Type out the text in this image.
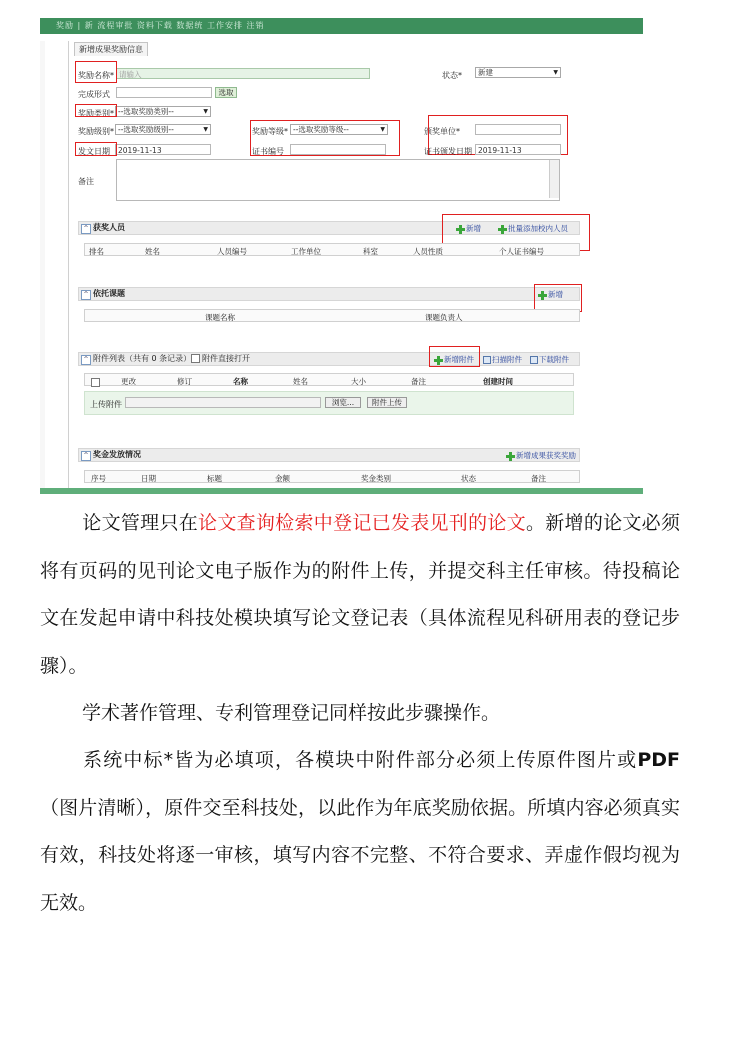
奖励 | 新 流程审批 资料下载 数据统 工作安排 注销
新增成果奖励信息
奖励名称* 请输入	状态*	新建	▼
完成形式	选取
奖励类别* --选取奖励类别--	▼
奖励级别* --选取奖励级别--	▼	奖励等级* --选取奖励等级--	▼	颁奖单位*
发文日期	2019-11-13	证书编号	证书颁发日期 2019-11-13
备注
^ 获奖人员	新增	批量添加校内人员
排名	姓名	人员编号	工作单位	科室	人员性质	个人证书编号
^ 依托课题	新增
课题名称	课题负责人
^ 附件列表（共有 0 条记录）	附件直接打开	新增附件	扫描附件	下载附件
更改	修订	名称	姓名	大小	备注	创建时间
上传附件	浏览...	附件上传
^ 奖金发放情况	新增成果获奖奖励
序号	日期	标题	金额	奖金类别	状态	备注
论文管理只在论文查询检索中登记已发表见刊的论文。新增的论文必须将有页码的见刊论文电子版作为的附件上传，并提交科主任审核。待投稿论文在发起申请中科技处模块填写论文登记表（具体流程见科研用表的登记步骤）。
学术著作管理、专利管理登记同样按此步骤操作。
系统中标*皆为必填项，各模块中附件部分必须上传原件图片或PDF（图片清晰），原件交至科技处，以此作为年底奖励依据。所填内容必须真实有效，科技处将逐一审核，填写内容不完整、不符合要求、弄虚作假均视为无效。
